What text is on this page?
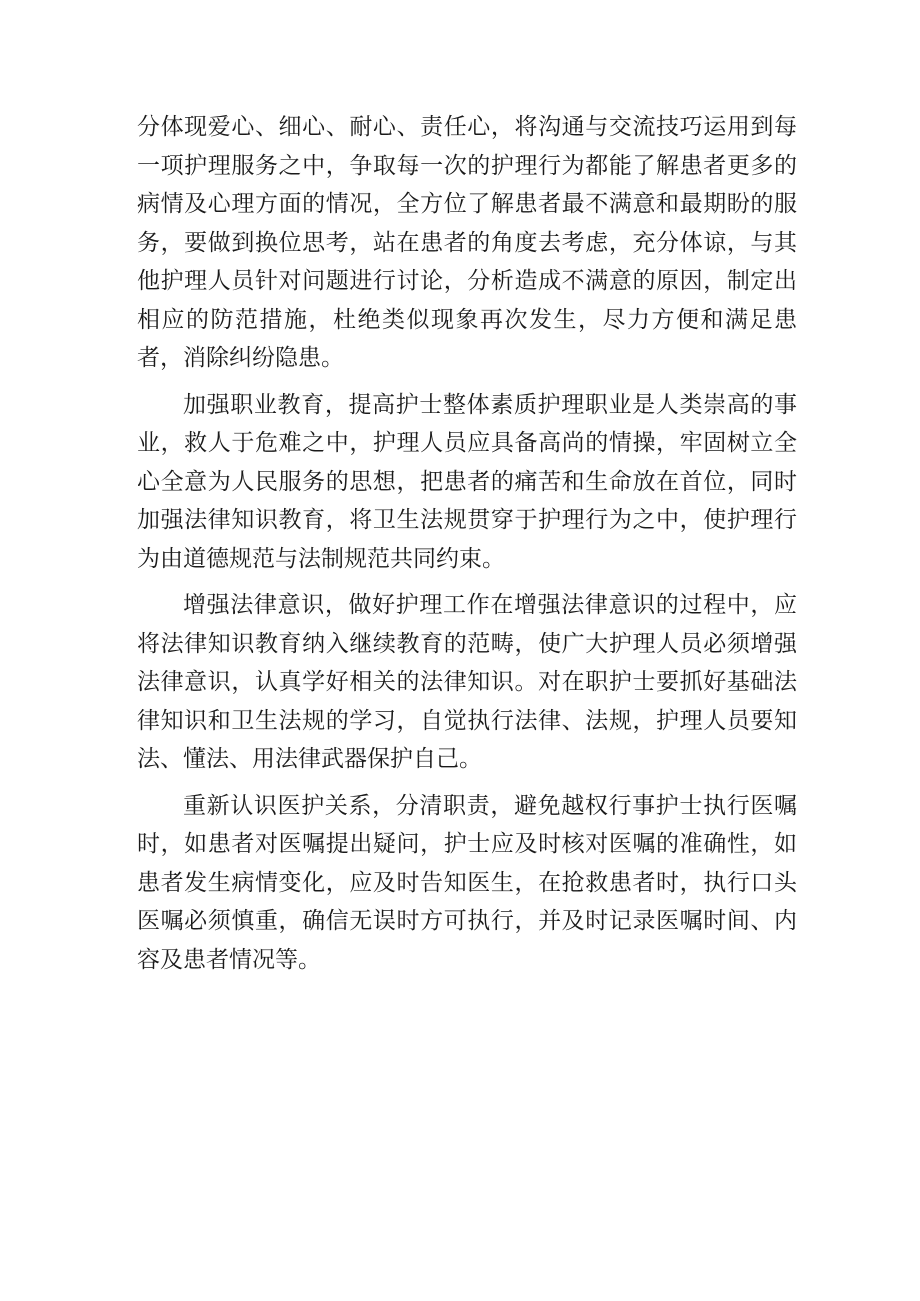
分体现爱心、细心、耐心、责任心，将沟通与交流技巧运用到每一项护理服务之中，争取每一次的护理行为都能了解患者更多的病情及心理方面的情况，全方位了解患者最不满意和最期盼的服务，要做到换位思考，站在患者的角度去考虑，充分体谅，与其他护理人员针对问题进行讨论，分析造成不满意的原因，制定出相应的防范措施，杜绝类似现象再次发生，尽力方便和满足患者，消除纠纷隐患。

加强职业教育，提高护士整体素质护理职业是人类崇高的事业，救人于危难之中，护理人员应具备高尚的情操，牢固树立全心全意为人民服务的思想，把患者的痛苦和生命放在首位，同时加强法律知识教育，将卫生法规贯穿于护理行为之中，使护理行为由道德规范与法制规范共同约束。

增强法律意识，做好护理工作在增强法律意识的过程中，应将法律知识教育纳入继续教育的范畴，使广大护理人员必须增强法律意识，认真学好相关的法律知识。对在职护士要抓好基础法律知识和卫生法规的学习，自觉执行法律、法规，护理人员要知法、懂法、用法律武器保护自己。

重新认识医护关系，分清职责，避免越权行事护士执行医嘱时，如患者对医嘱提出疑问，护士应及时核对医嘱的准确性，如患者发生病情变化，应及时告知医生，在抢救患者时，执行口头医嘱必须慎重，确信无误时方可执行，并及时记录医嘱时间、内容及患者情况等。
